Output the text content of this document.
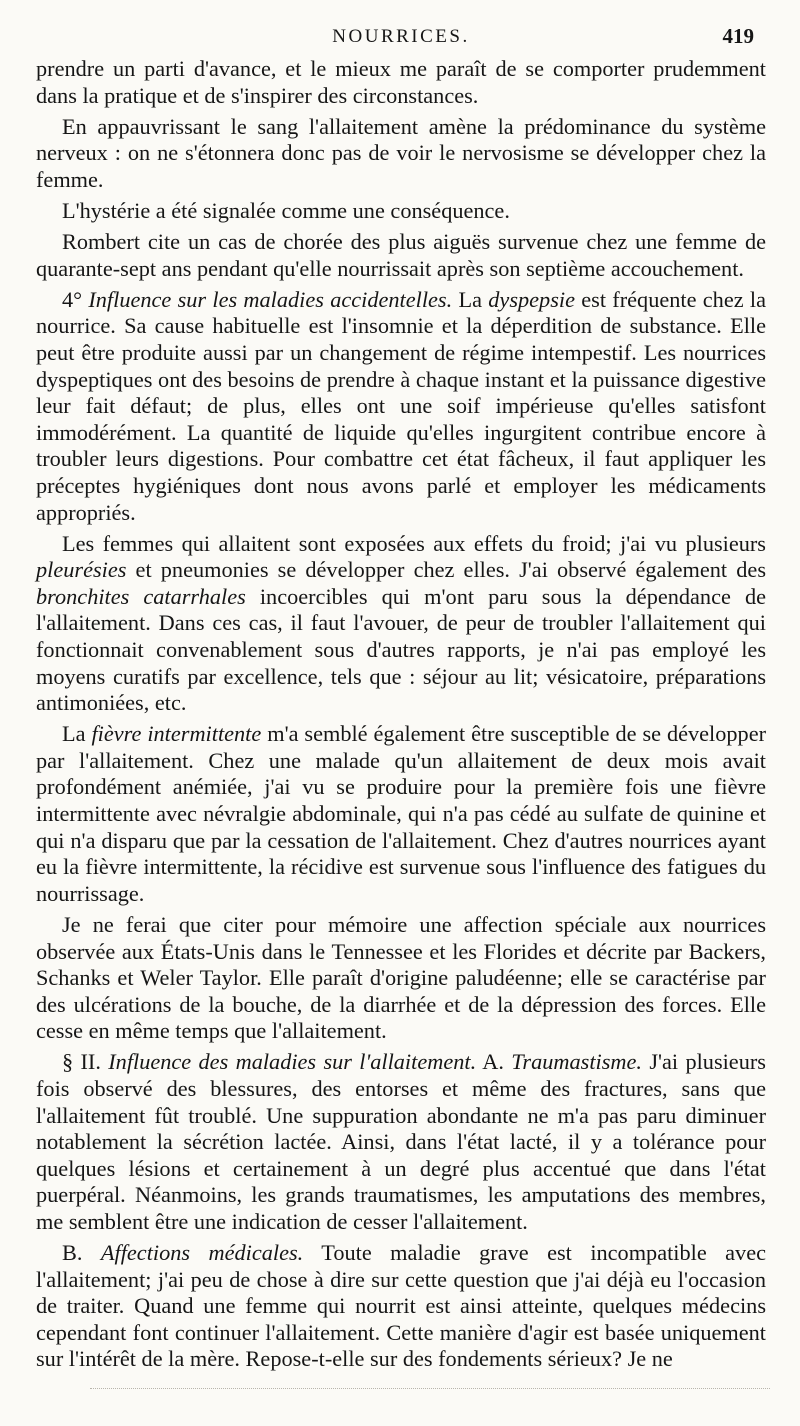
NOURRICES.	419

prendre un parti d'avance, et le mieux me paraît de se comporter prudemment dans la pratique et de s'inspirer des circonstances.

En appauvrissant le sang l'allaitement amène la prédominance du système nerveux : on ne s'étonnera donc pas de voir le nervosisme se développer chez la femme.

L'hystérie a été signalée comme une conséquence.

Rombert cite un cas de chorée des plus aiguës survenue chez une femme de quarante-sept ans pendant qu'elle nourrissait après son septième accouchement.

4° Influence sur les maladies accidentelles. La dyspepsie est fréquente chez la nourrice. Sa cause habituelle est l'insomnie et la déperdition de substance. Elle peut être produite aussi par un changement de régime intempestif. Les nourrices dyspeptiques ont des besoins de prendre à chaque instant et la puissance digestive leur fait défaut; de plus, elles ont une soif impérieuse qu'elles satisfont immodérément. La quantité de liquide qu'elles ingurgitent contribue encore à troubler leurs digestions. Pour combattre cet état fâcheux, il faut appliquer les préceptes hygiéniques dont nous avons parlé et employer les médicaments appropriés.

Les femmes qui allaitent sont exposées aux effets du froid; j'ai vu plusieurs pleurésies et pneumonies se développer chez elles. J'ai observé également des bronchites catarrhales incoercibles qui m'ont paru sous la dépendance de l'allaitement. Dans ces cas, il faut l'avouer, de peur de troubler l'allaitement qui fonctionnait convenablement sous d'autres rapports, je n'ai pas employé les moyens curatifs par excellence, tels que : séjour au lit; vésicatoire, préparations antimoniées, etc.

La fièvre intermittente m'a semblé également être susceptible de se développer par l'allaitement. Chez une malade qu'un allaitement de deux mois avait profondément anémiée, j'ai vu se produire pour la première fois une fièvre intermittente avec névralgie abdominale, qui n'a pas cédé au sulfate de quinine et qui n'a disparu que par la cessation de l'allaitement. Chez d'autres nourrices ayant eu la fièvre intermittente, la récidive est survenue sous l'influence des fatigues du nourrissage.

Je ne ferai que citer pour mémoire une affection spéciale aux nourrices observée aux États-Unis dans le Tennessee et les Florides et décrite par Backers, Schanks et Weler Taylor. Elle paraît d'origine paludéenne; elle se caractérise par des ulcérations de la bouche, de la diarrhée et de la dépression des forces. Elle cesse en même temps que l'allaitement.

§ II. Influence des maladies sur l'allaitement. A. Traumastisme. J'ai plusieurs fois observé des blessures, des entorses et même des fractures, sans que l'allaitement fût troublé. Une suppuration abondante ne m'a pas paru diminuer notablement la sécrétion lactée. Ainsi, dans l'état lacté, il y a tolérance pour quelques lésions et certainement à un degré plus accentué que dans l'état puerpéral. Néanmoins, les grands traumatismes, les amputations des membres, me semblent être une indication de cesser l'allaitement.

B. Affections médicales. Toute maladie grave est incompatible avec l'allaitement; j'ai peu de chose à dire sur cette question que j'ai déjà eu l'occasion de traiter. Quand une femme qui nourrit est ainsi atteinte, quelques médecins cependant font continuer l'allaitement. Cette manière d'agir est basée uniquement sur l'intérêt de la mère. Repose-t-elle sur des fondements sérieux? Je ne
